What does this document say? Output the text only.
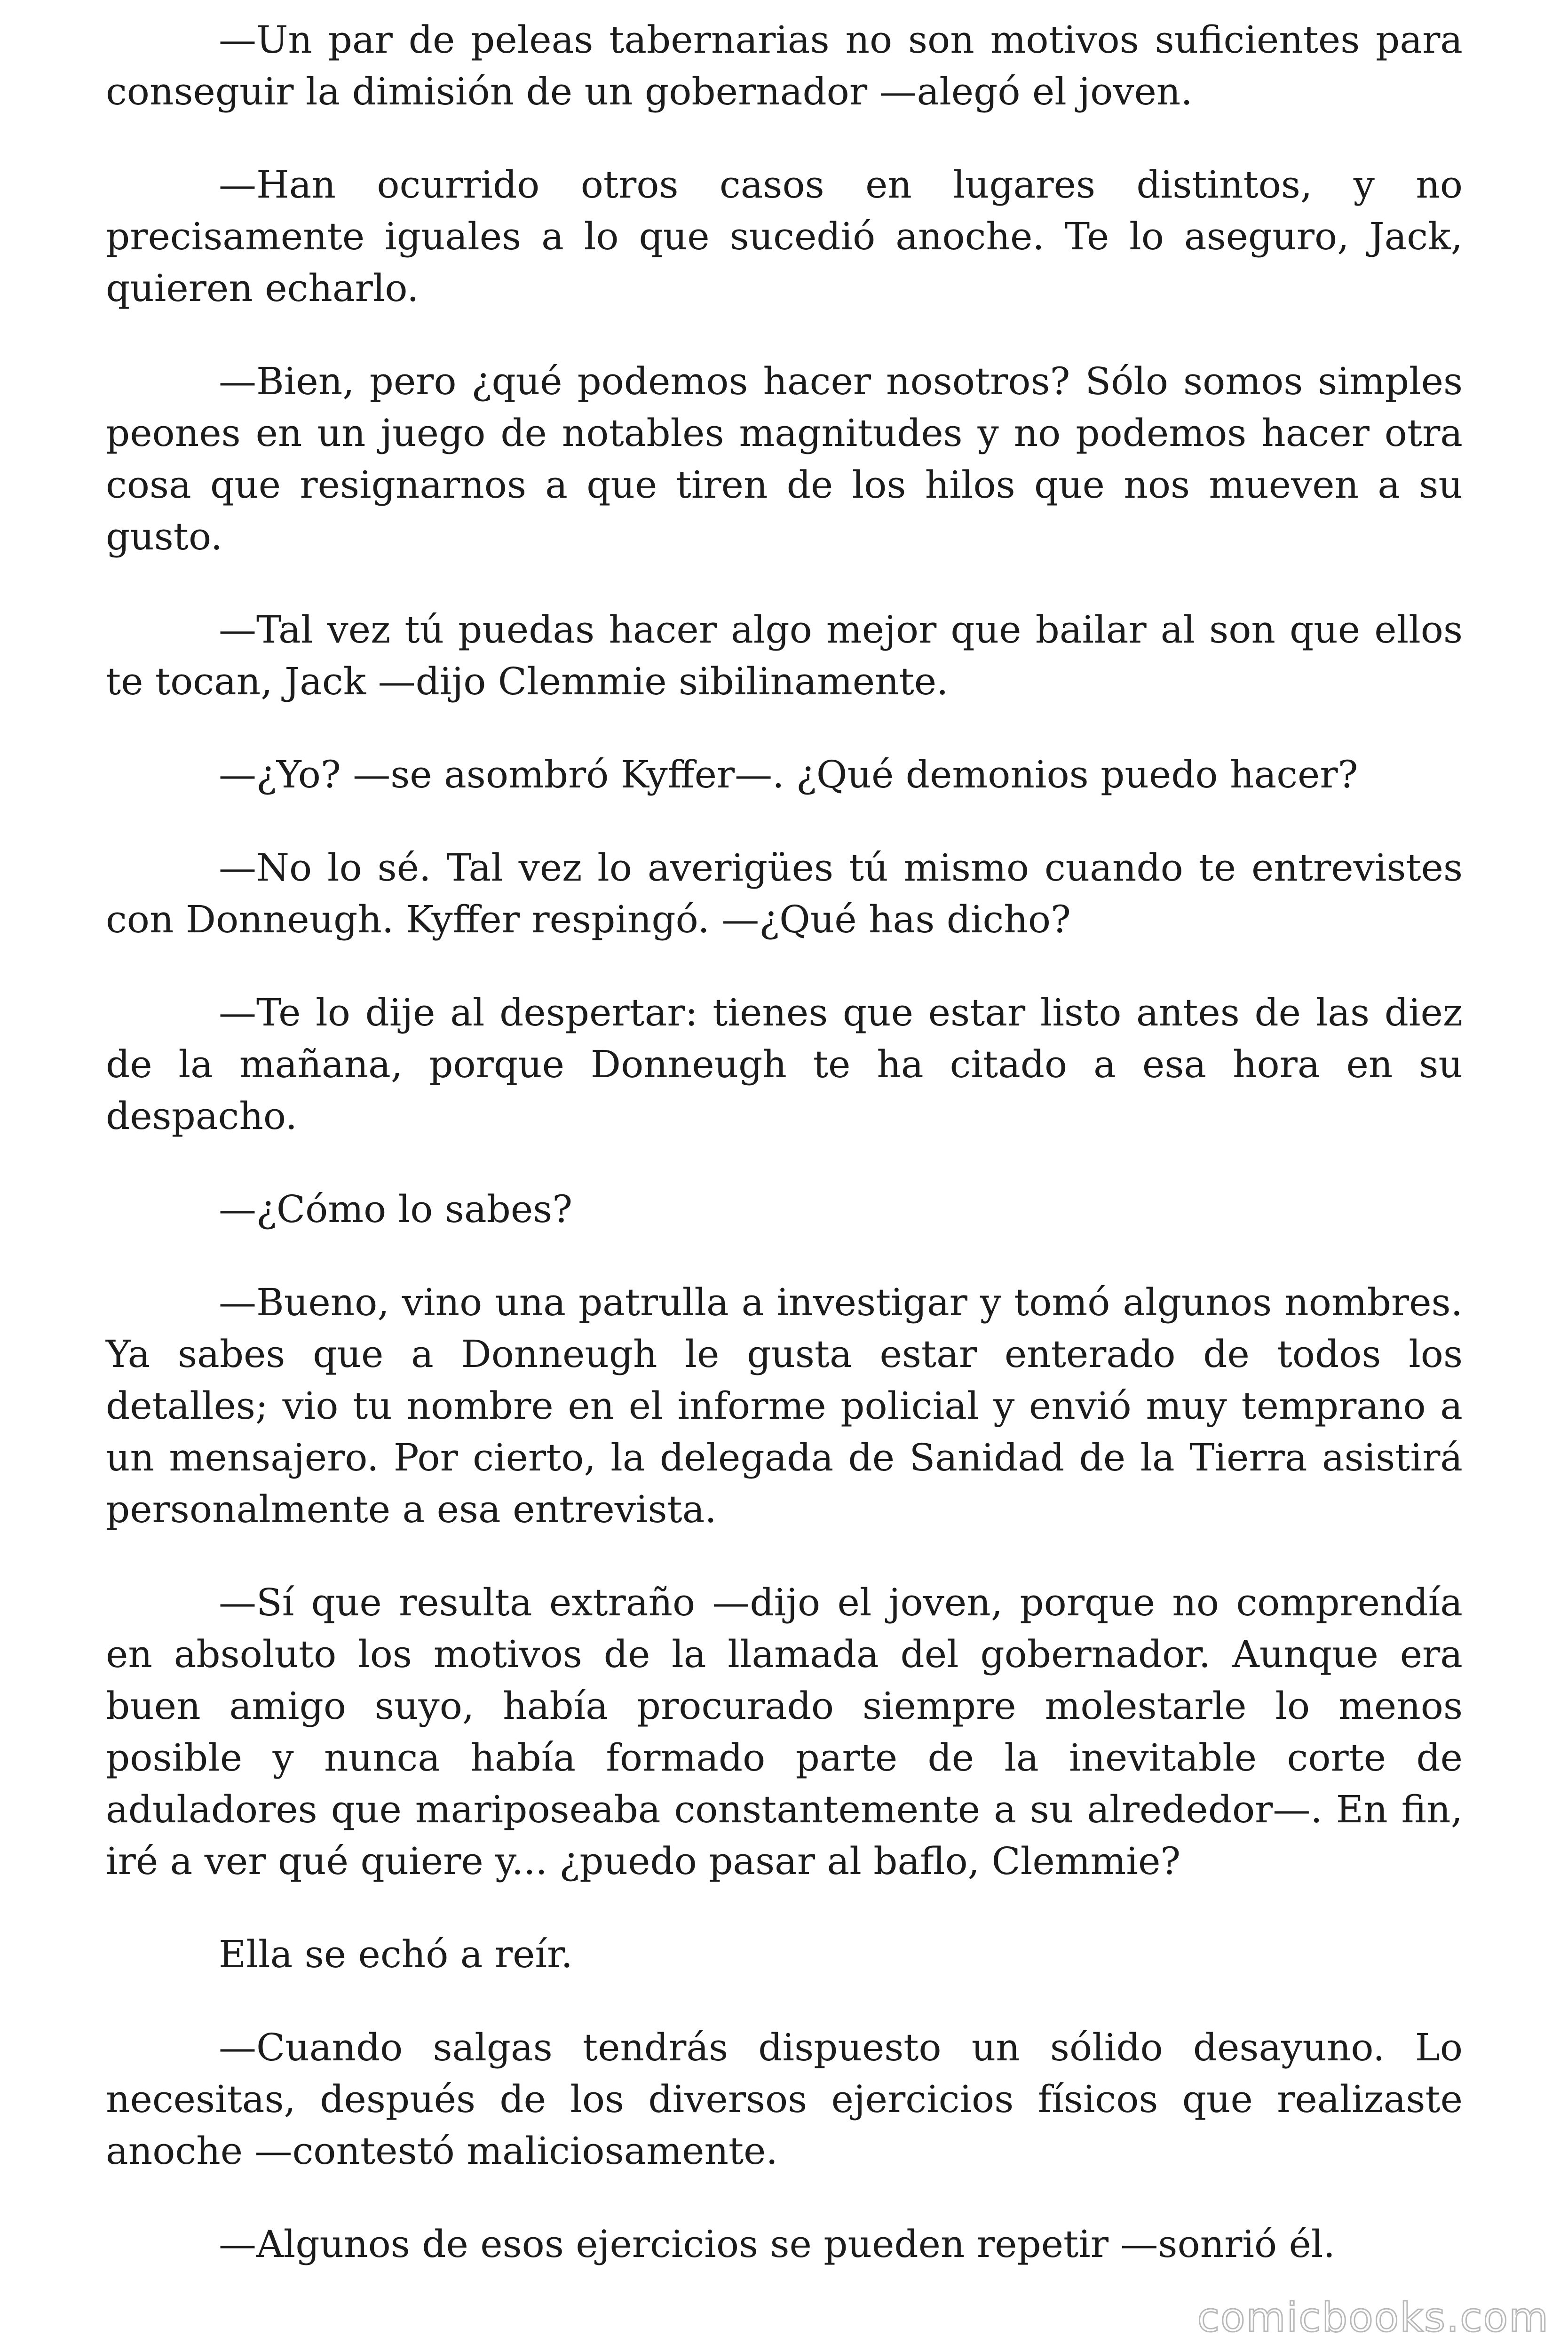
—Un par de peleas tabernarias no son motivos suficientes para conseguir la dimisión de un gobernador —alegó el joven.

—Han ocurrido otros casos en lugares distintos, y no precisamente iguales a lo que sucedió anoche. Te lo aseguro, Jack, quieren echarlo.

—Bien, pero ¿qué podemos hacer nosotros? Sólo somos simples peones en un juego de notables magnitudes y no podemos hacer otra cosa que resignarnos a que tiren de los hilos que nos mueven a su gusto.

—Tal vez tú puedas hacer algo mejor que bailar al son que ellos te tocan, Jack —dijo Clemmie sibilinamente.

—¿Yo? —se asombró Kyffer—. ¿Qué demonios puedo hacer?

—No lo sé. Tal vez lo averigües tú mismo cuando te entrevistes con Donneugh. Kyffer respingó. —¿Qué has dicho?

—Te lo dije al despertar: tienes que estar listo antes de las diez de la mañana, porque Donneugh te ha citado a esa hora en su despacho.

—¿Cómo lo sabes?

—Bueno, vino una patrulla a investigar y tomó algunos nombres. Ya sabes que a Donneugh le gusta estar enterado de todos los detalles; vio tu nombre en el informe policial y envió muy temprano a un mensajero. Por cierto, la delegada de Sanidad de la Tierra asistirá personalmente a esa entrevista.

—Sí que resulta extraño —dijo el joven, porque no comprendía en absoluto los motivos de la llamada del gobernador. Aunque era buen amigo suyo, había procurado siempre molestarle lo menos posible y nunca había formado parte de la inevitable corte de aduladores que mariposeaba constantemente a su alrededor—. En fin, iré a ver qué quiere y... ¿puedo pasar al baflo, Clemmie?

Ella se echó a reír.

—Cuando salgas tendrás dispuesto un sólido desayuno. Lo necesitas, después de los diversos ejercicios físicos que realizaste anoche —contestó maliciosamente.

—Algunos de esos ejercicios se pueden repetir —sonrió él.

comicbooks.com
